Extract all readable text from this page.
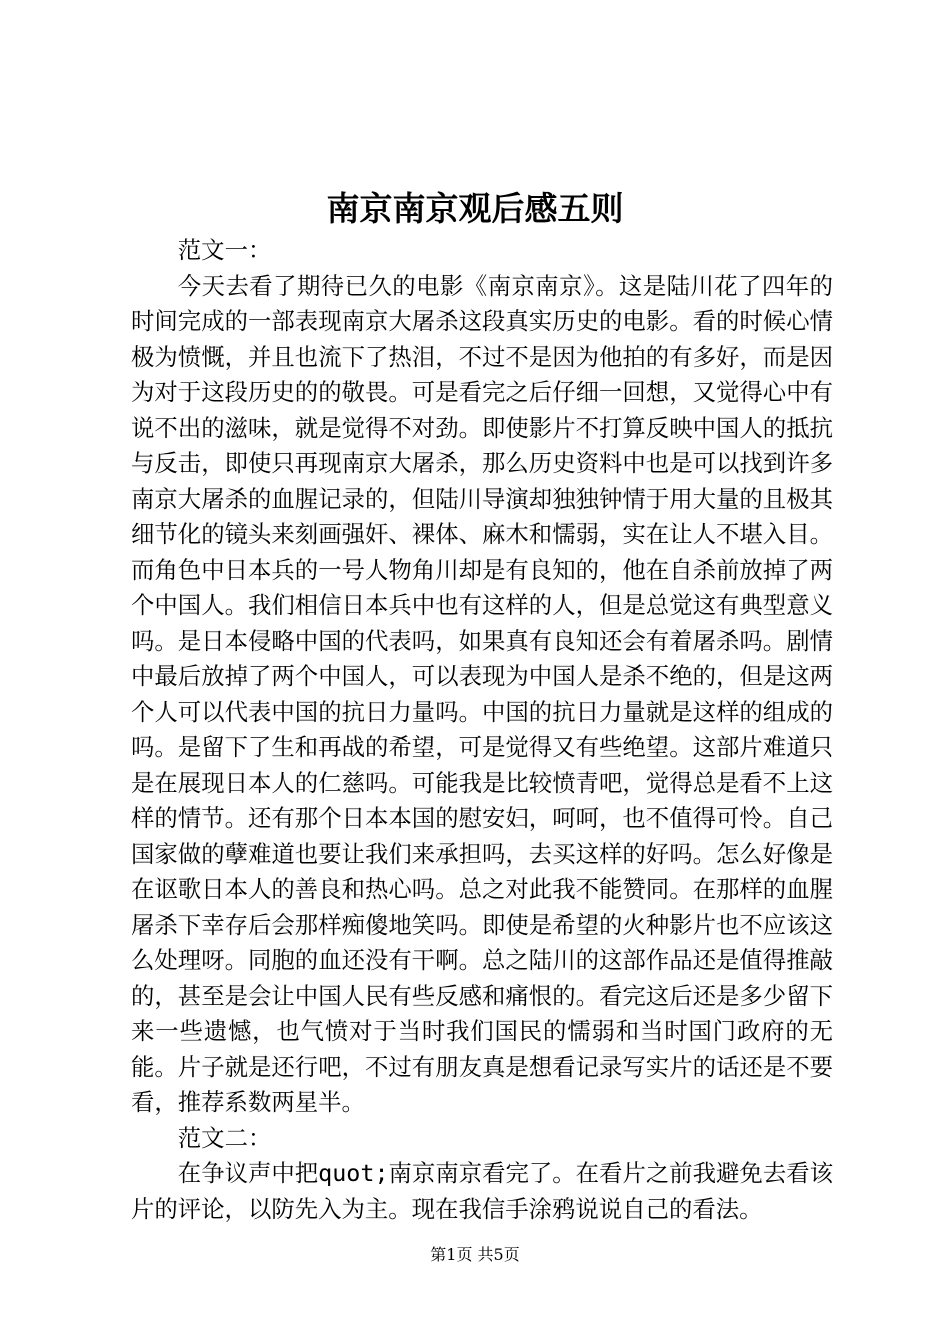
南京南京观后感五则

范文一：

今天去看了期待已久的电影《南京南京》。这是陆川花了四年的时间完成的一部表现南京大屠杀这段真实历史的电影。看的时候心情极为愤慨，并且也流下了热泪，不过不是因为他拍的有多好，而是因为对于这段历史的的敬畏。可是看完之后仔细一回想，又觉得心中有说不出的滋味，就是觉得不对劲。即使影片不打算反映中国人的抵抗与反击，即使只再现南京大屠杀，那么历史资料中也是可以找到许多南京大屠杀的血腥记录的，但陆川导演却独独钟情于用大量的且极其细节化的镜头来刻画强奸、裸体、麻木和懦弱，实在让人不堪入目。而角色中日本兵的一号人物角川却是有良知的，他在自杀前放掉了两个中国人。我们相信日本兵中也有这样的人，但是总觉这有典型意义吗。是日本侵略中国的代表吗，如果真有良知还会有着屠杀吗。剧情中最后放掉了两个中国人，可以表现为中国人是杀不绝的，但是这两个人可以代表中国的抗日力量吗。中国的抗日力量就是这样的组成的吗。是留下了生和再战的希望，可是觉得又有些绝望。这部片难道只是在展现日本人的仁慈吗。可能我是比较愤青吧，觉得总是看不上这样的情节。还有那个日本本国的慰安妇，呵呵，也不值得可怜。自己国家做的孽难道也要让我们来承担吗，去买这样的好吗。怎么好像是在讴歌日本人的善良和热心吗。总之对此我不能赞同。在那样的血腥屠杀下幸存后会那样痴傻地笑吗。即使是希望的火种影片也不应该这么处理呀。同胞的血还没有干啊。总之陆川的这部作品还是值得推敲的，甚至是会让中国人民有些反感和痛恨的。看完这后还是多少留下来一些遗憾，也气愤对于当时我们国民的懦弱和当时国门政府的无能。片子就是还行吧，不过有朋友真是想看记录写实片的话还是不要看，推荐系数两星半。

范文二：

在争议声中把quot;南京南京看完了。在看片之前我避免去看该片的评论，以防先入为主。现在我信手涂鸦说说自己的看法。

第1页 共5页
